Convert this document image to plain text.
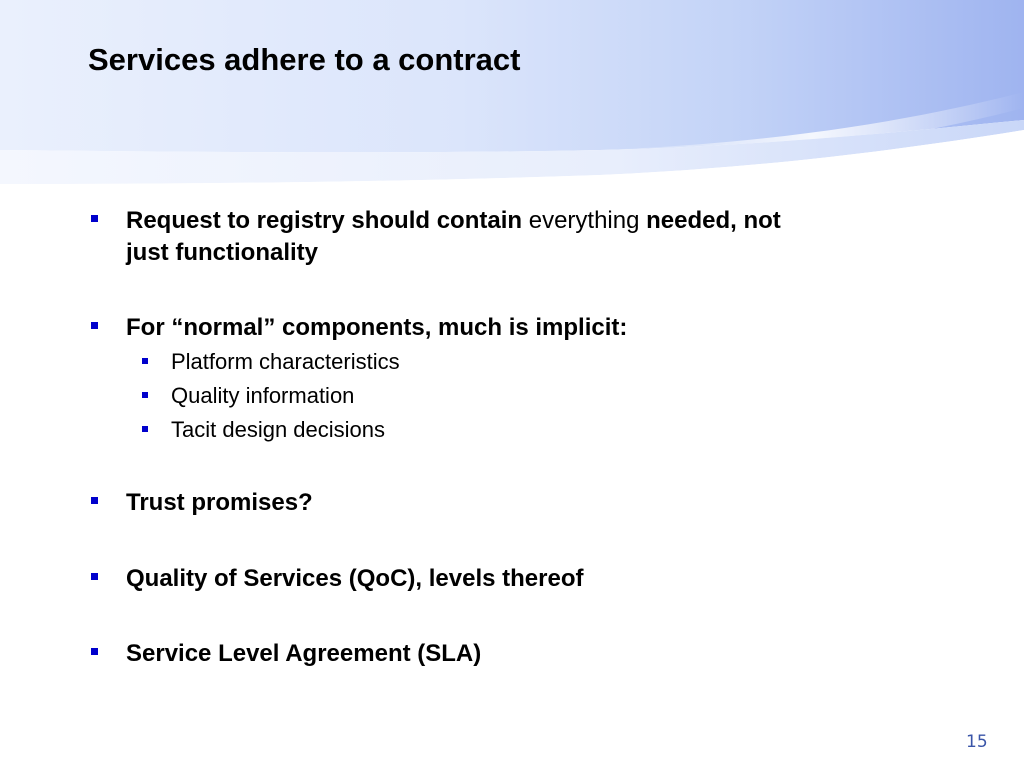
Services adhere to a contract
Request to registry should contain everything needed, not
just functionality
For “normal” components, much is implicit:
Platform characteristics
Quality information
Tacit design decisions
Trust promises?
Quality of Services (QoC), levels thereof
Service Level Agreement (SLA)
15
